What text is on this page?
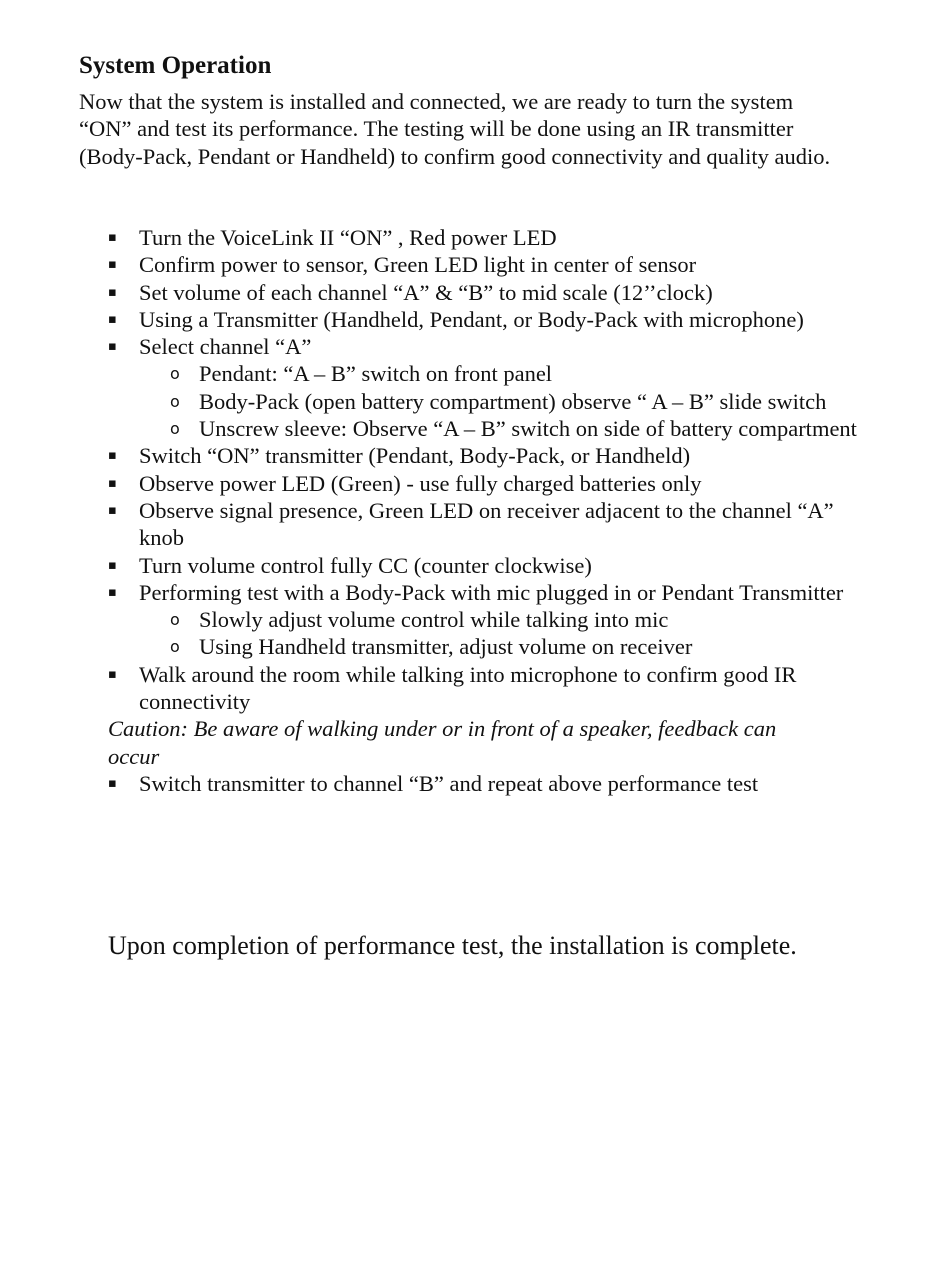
System Operation

Now that the system is installed and connected, we are ready to turn the system “ON” and test its performance. The testing will be done using an IR transmitter (Body-Pack, Pendant or Handheld) to confirm good connectivity and quality audio.

▪ Turn the VoiceLink II “ON” , Red power LED
▪ Confirm power to sensor, Green LED light in center of sensor
▪ Set volume of each channel “A” & “B” to mid scale (12’’clock)
▪ Using a Transmitter (Handheld, Pendant, or Body-Pack with microphone)
▪ Select channel “A”
o Pendant: “A – B” switch on front panel
o Body-Pack (open battery compartment) observe “ A – B” slide switch
o Unscrew sleeve: Observe “A – B” switch on side of battery compartment
▪ Switch “ON” transmitter (Pendant, Body-Pack, or Handheld)
▪ Observe power LED (Green) - use fully charged batteries only
▪ Observe signal presence, Green LED on receiver adjacent to the channel “A” knob
▪ Turn volume control fully CC (counter clockwise)
▪ Performing test with a Body-Pack with mic plugged in or Pendant Transmitter
o Slowly adjust volume control while talking into mic
o Using Handheld transmitter, adjust volume on receiver
▪ Walk around the room while talking into microphone to confirm good IR connectivity
Caution: Be aware of walking under or in front of a speaker, feedback can occur
▪ Switch transmitter to channel “B” and repeat above performance test

Upon completion of performance test, the installation is complete.
